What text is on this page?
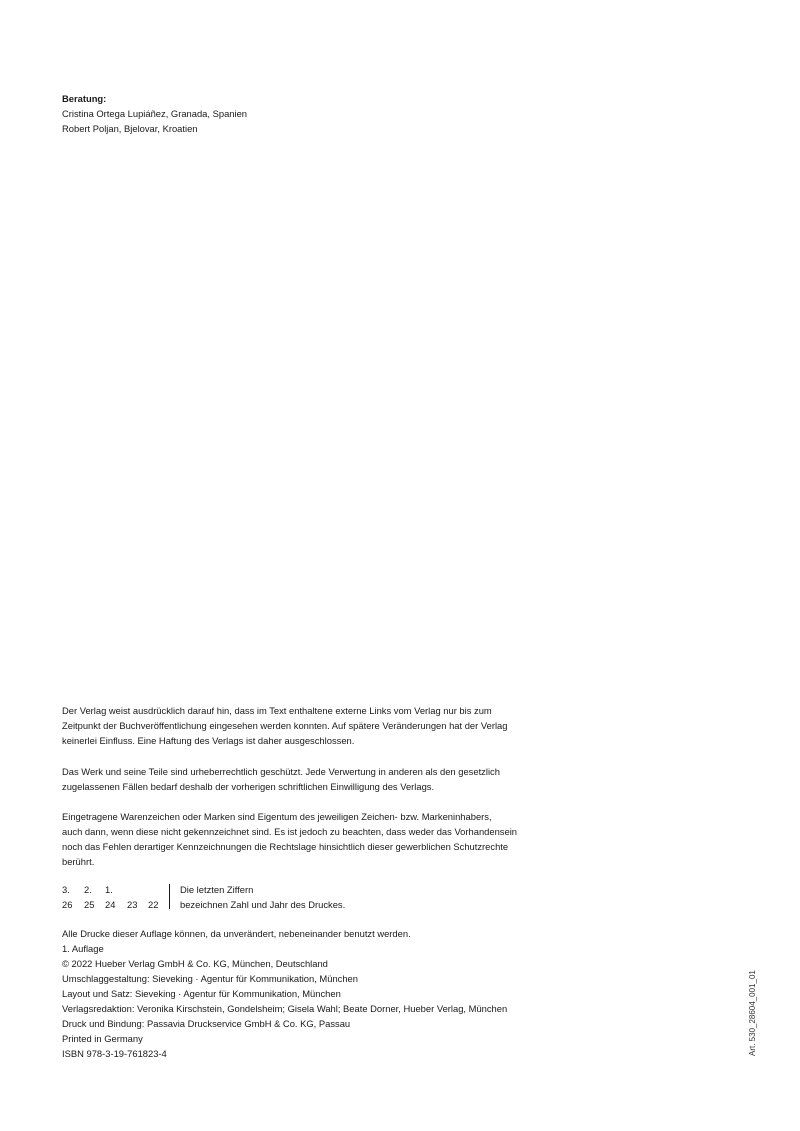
Beratung:
Cristina Ortega Lupiáñez, Granada, Spanien
Robert Poljan, Bjelovar, Kroatien
Der Verlag weist ausdrücklich darauf hin, dass im Text enthaltene externe Links vom Verlag nur bis zum
Zeitpunkt der Buchveröffentlichung eingesehen werden konnten. Auf spätere Veränderungen hat der Verlag
keinerlei Einfluss. Eine Haftung des Verlags ist daher ausgeschlossen.
Das Werk und seine Teile sind urheberrechtlich geschützt. Jede Verwertung in anderen als den gesetzlich
zugelassenen Fällen bedarf deshalb der vorherigen schriftlichen Einwilligung des Verlags.
Eingetragene Warenzeichen oder Marken sind Eigentum des jeweiligen Zeichen- bzw. Markeninhabers,
auch dann, wenn diese nicht gekennzeichnet sind. Es ist jedoch zu beachten, dass weder das Vorhandensein
noch das Fehlen derartiger Kennzeichnungen die Rechtslage hinsichtlich dieser gewerblichen Schutzrechte
berührt.
3. 2. 1.
26 25 24 23 22
Die letzten Ziffern
bezeichnen Zahl und Jahr des Druckes.
Alle Drucke dieser Auflage können, da unverändert, nebeneinander benutzt werden.
1. Auflage
© 2022 Hueber Verlag GmbH & Co. KG, München, Deutschland
Umschlaggestaltung: Sieveking · Agentur für Kommunikation, München
Layout und Satz: Sieveking · Agentur für Kommunikation, München
Verlagsredaktion: Veronika Kirschstein, Gondelsheim; Gisela Wahl; Beate Dorner, Hueber Verlag, München
Druck und Bindung: Passavia Druckservice GmbH & Co. KG, Passau
Printed in Germany
ISBN 978-3-19-761823-4	Art. 530_28604_001_01
